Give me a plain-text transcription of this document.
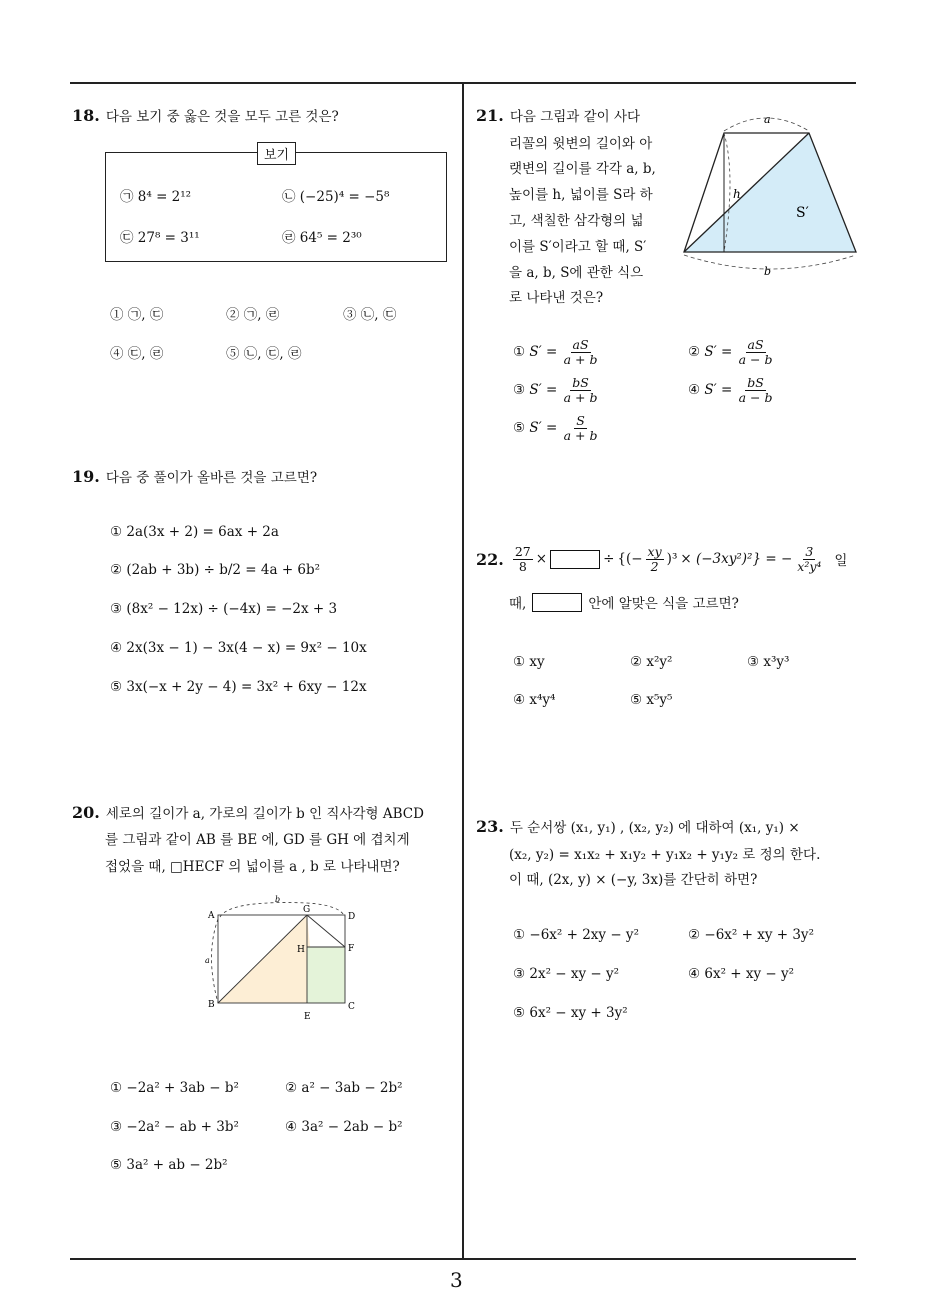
18. 다음 보기 중 옳은 것을 모두 고른 것은?
보기
㉠ 8⁴ = 2¹²	㉡ (−25)⁴ = −5⁸
㉢ 27⁸ = 3¹¹	㉣ 64⁵ = 2³⁰
① ㉠, ㉢	② ㉠, ㉣	③ ㉡, ㉢
④ ㉢, ㉣	⑤ ㉡, ㉢, ㉣
19. 다음 중 풀이가 올바른 것을 고르면?
① 2a(3x + 2) = 6ax + 2a
② (2ab + 3b) ÷ b/2 = 4a + 6b²
③ (8x² − 12x) ÷ (−4x) = −2x + 3
④ 2x(3x − 1) − 3x(4 − x) = 9x² − 10x
⑤ 3x(−x + 2y − 4) = 3x² + 6xy − 12x
20. 세로의 길이가 a, 가로의 길이가 b 인 직사각형 ABCD
를 그림과 같이 AB 를 BE 에, GD 를 GH 에 겹치게
접었을 때, □HECF 의 넓이를 a , b 로 나타내면?
A
B	C
D
E
F
G
H
a
b
① −2a² + 3ab − b²	② a² − 3ab − 2b²
③ −2a² − ab + 3b²	④ 3a² − 2ab − b²
⑤ 3a² + ab − 2b²
21. 다음 그림과 같이 사다
리꼴의 윗변의 길이와 아
랫변의 길이를 각각 a, b,
높이를 h, 넓이를 S라 하
고, 색칠한 삼각형의 넓
이를 S′이라고 할 때, S′
을 a, b, S에 관한 식으
로 나타낸 것은?
a
b
h
S′
① $S' = \frac{aS}{a + b}$	② $S' = \frac{aS}{a - b}$
③ $S' = \frac{bS}{a + b}$	④ $S' = \frac{bS}{a - b}$
⑤ $S' = \frac{S}{a + b}$
22. $\frac{27}{8}$ ×	÷ {(− $\frac{xy}{2} )^3 \times (-3xy^2)^2$} = − $\frac{3}{\text{x²y⁴}}$ 일
때,	안에 알맞은 식을 고르면?
① xy	② x²y²	③ x³y³
④ x⁴y⁴	⑤ x⁵y⁵
23. 두 순서쌍 (x₁, y₁) , (x₂, y₂) 에 대하여 (x₁, y₁) ×
(x₂, y₂) = x₁x₂ + x₁y₂ + y₁x₂ + y₁y₂ 로 정의 한다.
이 때, (2x, y) × (−y, 3x)를 간단히 하면?
① −6x² + 2xy − y²	② −6x² + xy + 3y²
③ 2x² − xy − y²	④ 6x² + xy − y²
⑤ 6x² − xy + 3y²
3
